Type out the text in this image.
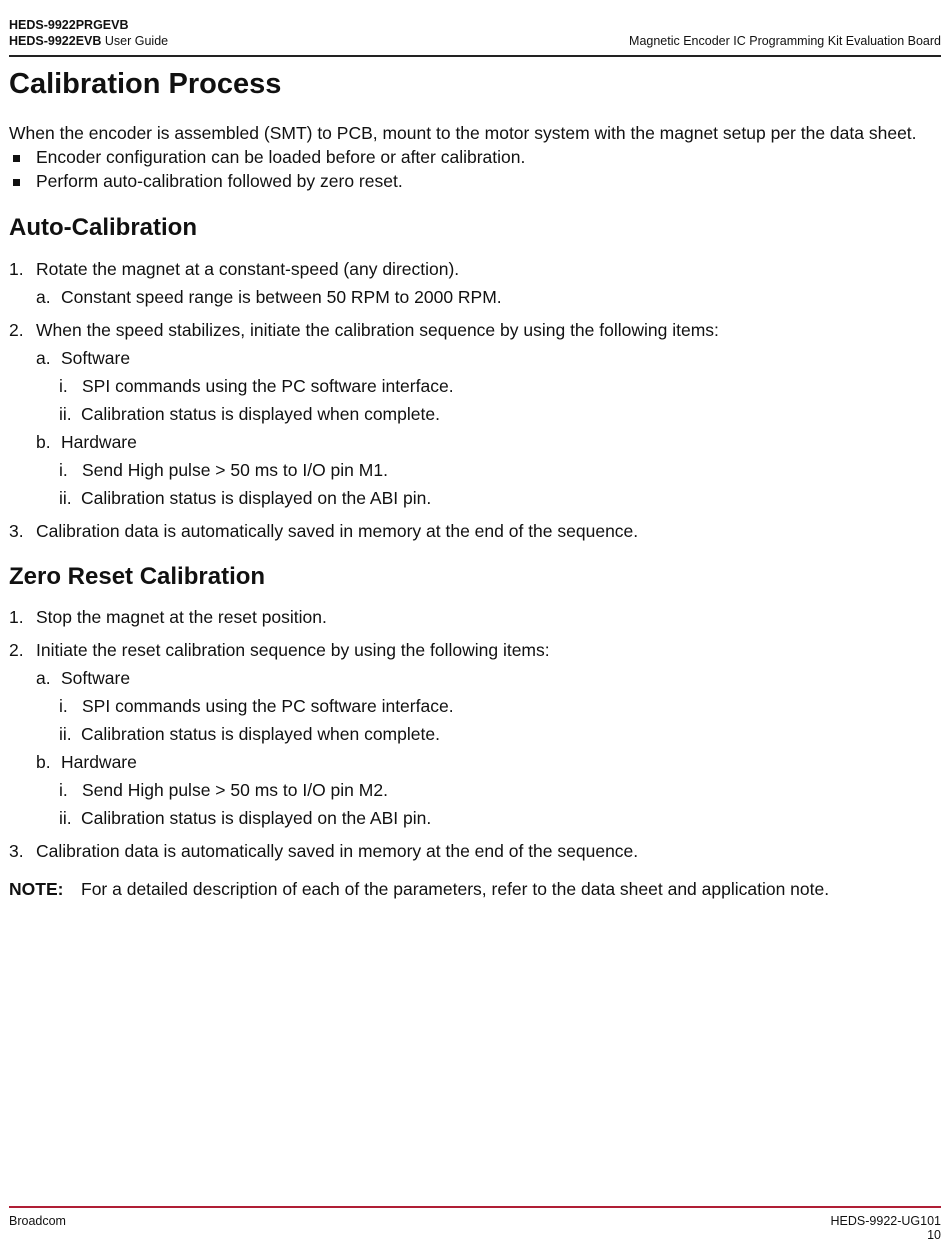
HEDS-9922PRGEVB
HEDS-9922EVB User Guide	Magnetic Encoder IC Programming Kit Evaluation Board
Calibration Process
When the encoder is assembled (SMT) to PCB, mount to the motor system with the magnet setup per the data sheet.
Encoder configuration can be loaded before or after calibration.
Perform auto-calibration followed by zero reset.
Auto-Calibration
1. Rotate the magnet at a constant-speed (any direction).
a. Constant speed range is between 50 RPM to 2000 RPM.
2. When the speed stabilizes, initiate the calibration sequence by using the following items:
a. Software
i. SPI commands using the PC software interface.
ii. Calibration status is displayed when complete.
b. Hardware
i. Send High pulse > 50 ms to I/O pin M1.
ii. Calibration status is displayed on the ABI pin.
3. Calibration data is automatically saved in memory at the end of the sequence.
Zero Reset Calibration
1. Stop the magnet at the reset position.
2. Initiate the reset calibration sequence by using the following items:
a. Software
i. SPI commands using the PC software interface.
ii. Calibration status is displayed when complete.
b. Hardware
i. Send High pulse > 50 ms to I/O pin M2.
ii. Calibration status is displayed on the ABI pin.
3. Calibration data is automatically saved in memory at the end of the sequence.
NOTE: For a detailed description of each of the parameters, refer to the data sheet and application note.
Broadcom	HEDS-9922-UG101
10
